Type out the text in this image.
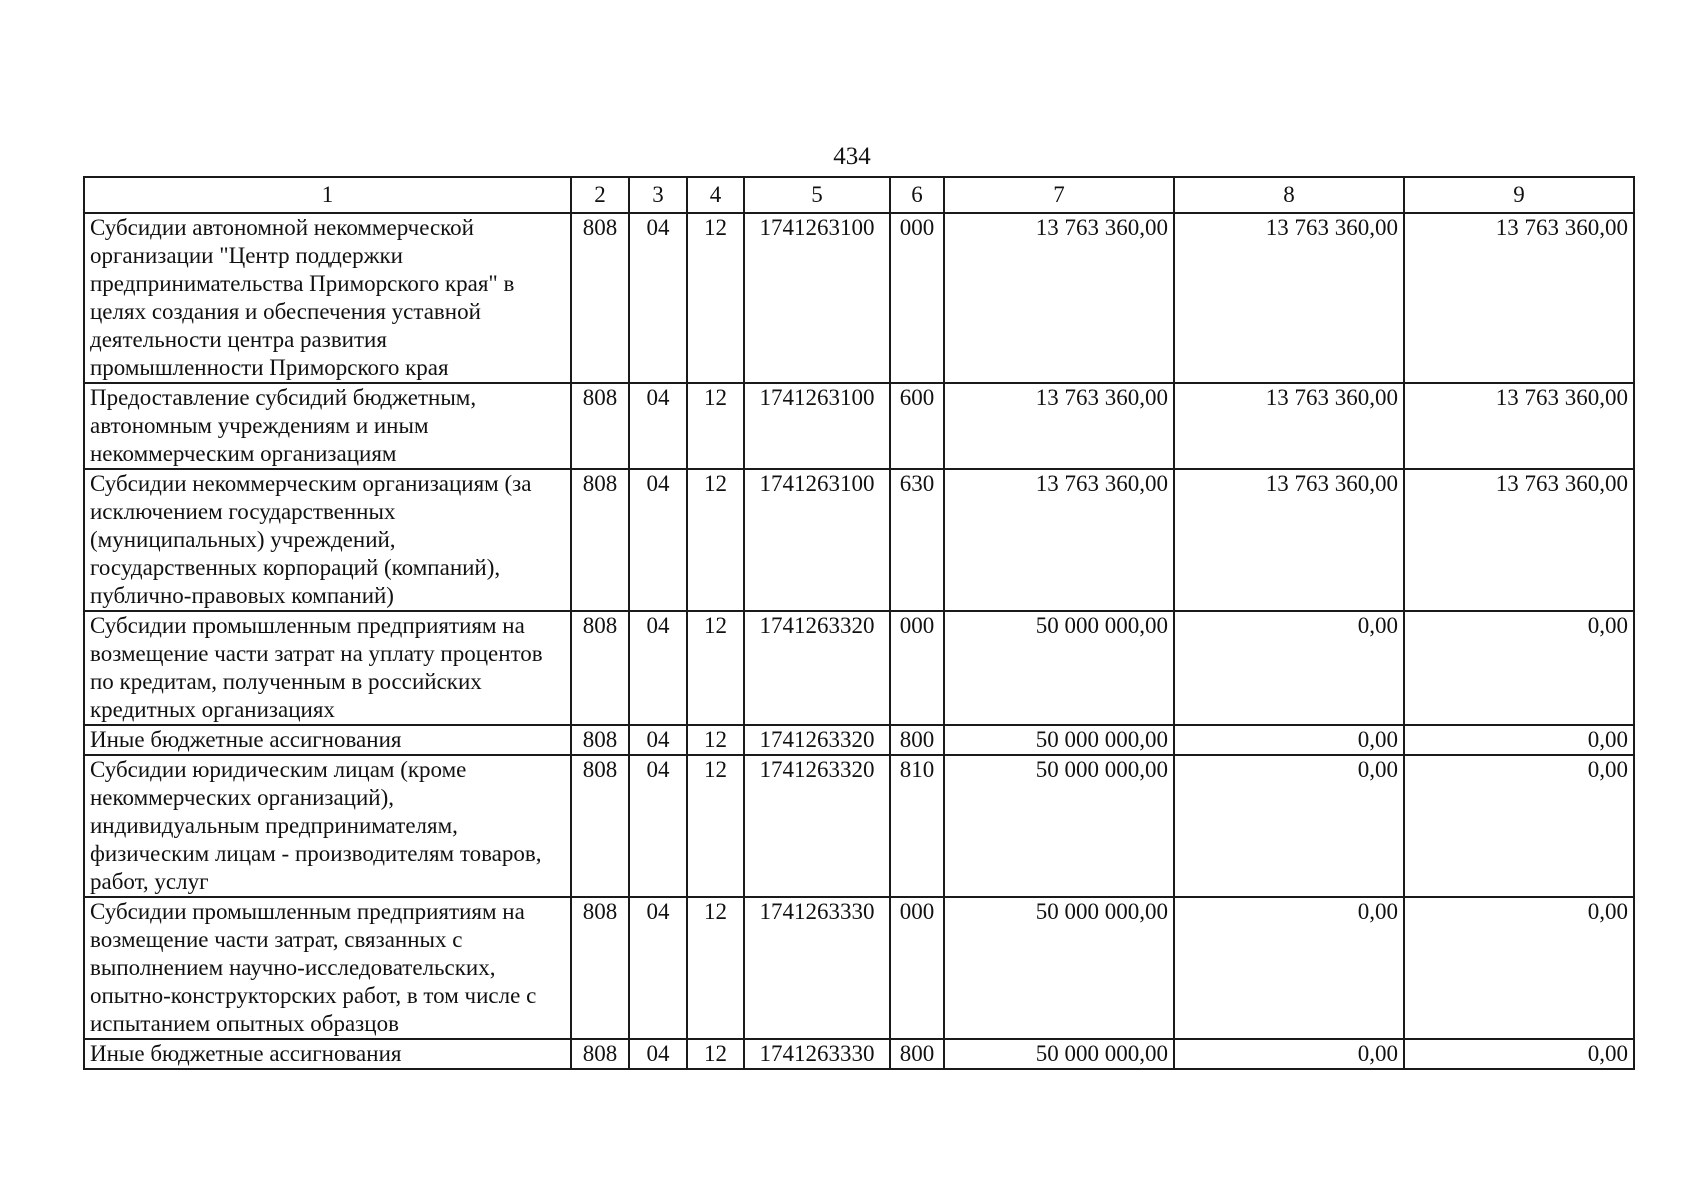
434
1	2	3	4	5	6	7	8	9
Субсидии автономной некоммерческой организации "Центр поддержки предпринимательства Приморского края" в целях создания и обеспечения уставной деятельности центра развития промышленности Приморского края	808	04	12	1741263100	000	13 763 360,00	13 763 360,00	13 763 360,00
Предоставление субсидий бюджетным, автономным учреждениям и иным некоммерческим организациям	808	04	12	1741263100	600	13 763 360,00	13 763 360,00	13 763 360,00
Субсидии некоммерческим организациям (за исключением государственных (муниципальных) учреждений, государственных корпораций (компаний), публично-правовых компаний)	808	04	12	1741263100	630	13 763 360,00	13 763 360,00	13 763 360,00
Субсидии промышленным предприятиям на возмещение части затрат на уплату процентов по кредитам, полученным в российских кредитных организациях	808	04	12	1741263320	000	50 000 000,00	0,00	0,00
Иные бюджетные ассигнования	808	04	12	1741263320	800	50 000 000,00	0,00	0,00
Субсидии юридическим лицам (кроме некоммерческих организаций), индивидуальным предпринимателям, физическим лицам - производителям товаров, работ, услуг	808	04	12	1741263320	810	50 000 000,00	0,00	0,00
Субсидии промышленным предприятиям на возмещение части затрат, связанных с выполнением научно-исследовательских, опытно-конструкторских работ, в том числе с испытанием опытных образцов	808	04	12	1741263330	000	50 000 000,00	0,00	0,00
Иные бюджетные ассигнования	808	04	12	1741263330	800	50 000 000,00	0,00	0,00
